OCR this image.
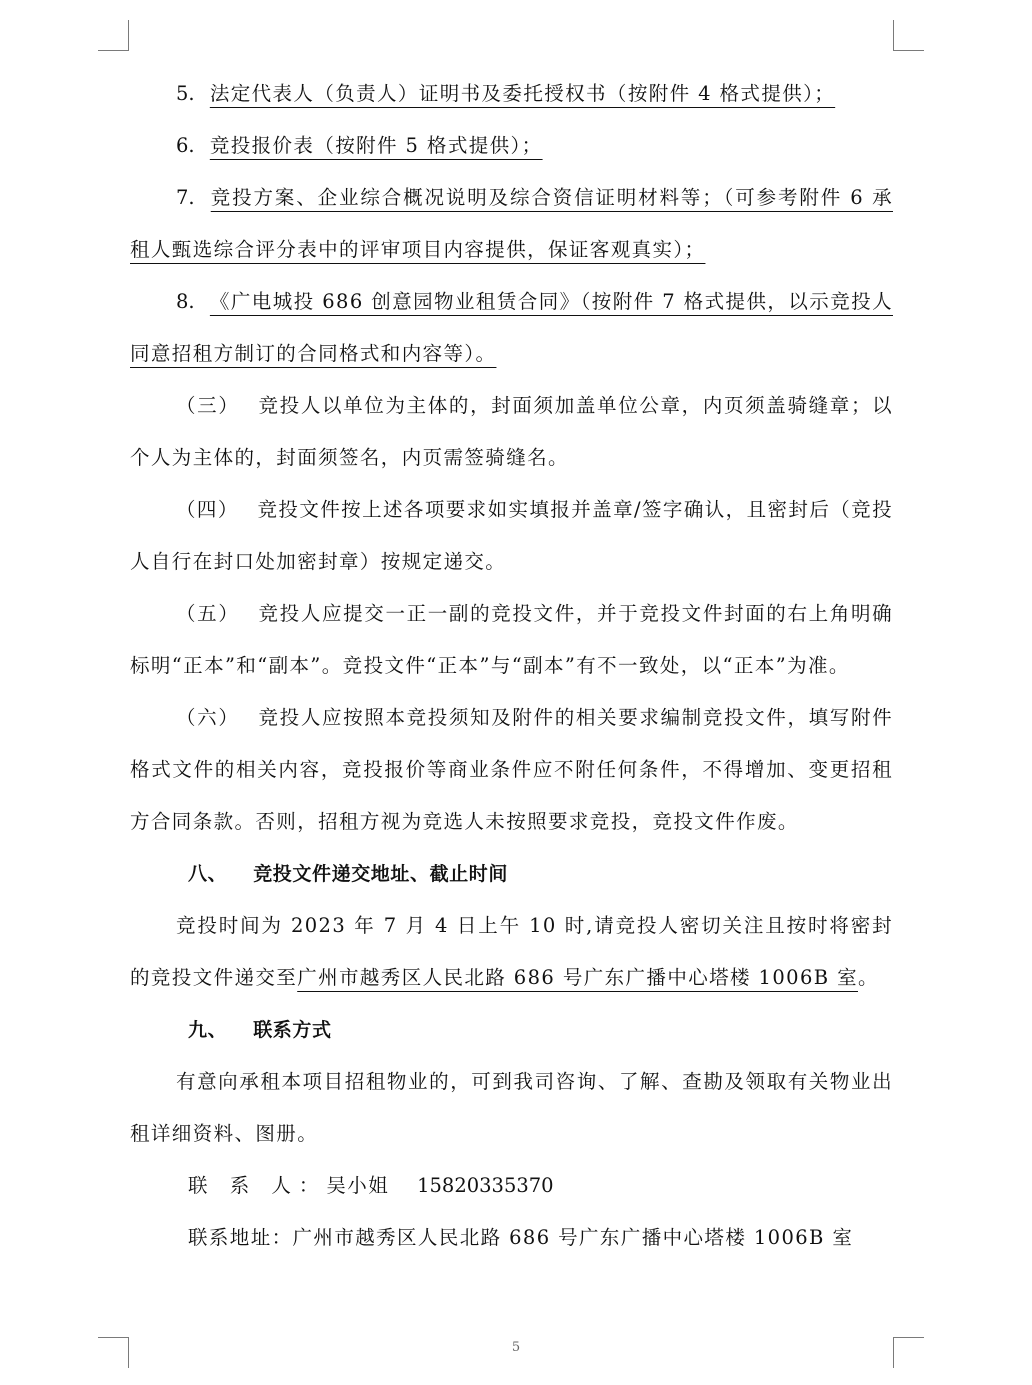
5. 法定代表人（负责人）证明书及委托授权书（按附件 4 格式提供）；

6. 竞投报价表（按附件 5 格式提供）；

7. 竞投方案、企业综合概况说明及综合资信证明材料等；（可参考附件 6 承租人甄选综合评分表中的评审项目内容提供，保证客观真实）；

8. 《广电城投 686 创意园物业租赁合同》（按附件 7 格式提供，以示竞投人同意招租方制订的合同格式和内容等）。

（三）  竞投人以单位为主体的，封面须加盖单位公章，内页须盖骑缝章；以个人为主体的，封面须签名，内页需签骑缝名。

（四）  竞投文件按上述各项要求如实填报并盖章/签字确认，且密封后（竞投人自行在封口处加密封章）按规定递交。

（五）  竞投人应提交一正一副的竞投文件，并于竞投文件封面的右上角明确标明“正本”和“副本”。竞投文件“正本”与“副本”有不一致处，以“正本”为准。

（六）  竞投人应按照本竞投须知及附件的相关要求编制竞投文件，填写附件格式文件的相关内容，竞投报价等商业条件应不附任何条件，不得增加、变更招租方合同条款。否则，招租方视为竞选人未按照要求竞投，竞投文件作废。

八、 竞投文件递交地址、截止时间

竞投时间为 2023 年 7 月 4 日上午 10 时,请竞投人密切关注且按时将密封的竞投文件递交至广州市越秀区人民北路 686 号广东广播中心塔楼 1006B 室。

九、 联系方式

有意向承租本项目招租物业的，可到我司咨询、了解、查勘及领取有关物业出租详细资料、图册。

联 系 人：吴小姐 15820335370

联系地址：广州市越秀区人民北路 686 号广东广播中心塔楼 1006B 室

5
